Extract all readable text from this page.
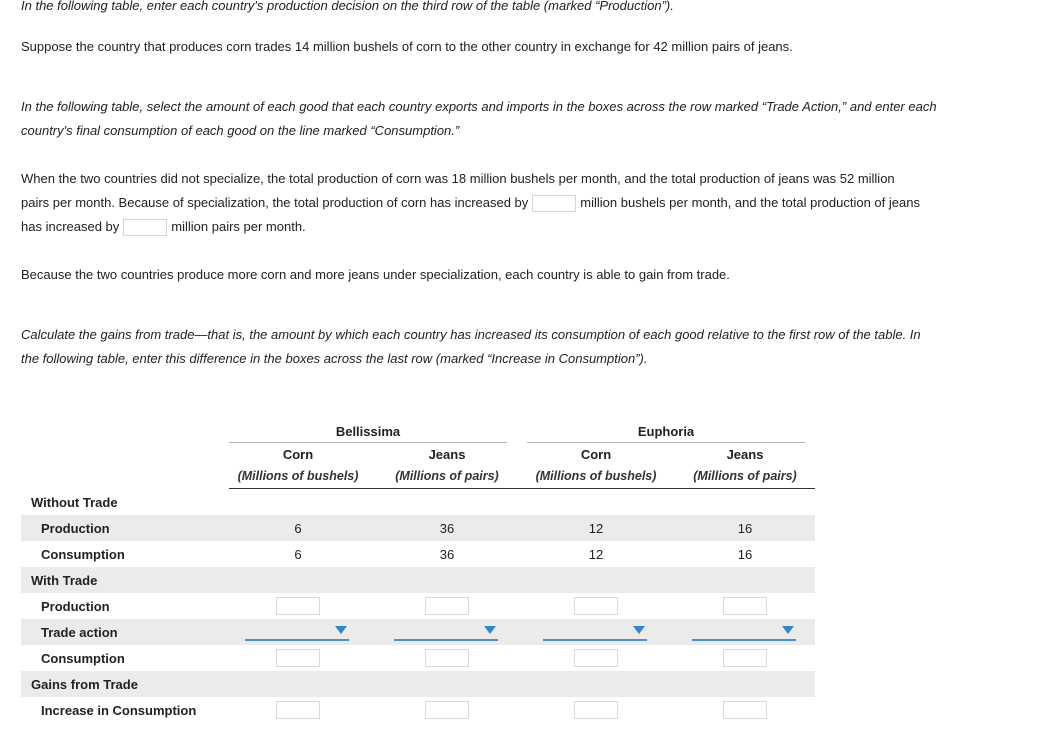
In the following table, enter each country's production decision on the third row of the table (marked “Production”).

Suppose the country that produces corn trades 14 million bushels of corn to the other country in exchange for 42 million pairs of jeans.

In the following table, select the amount of each good that each country exports and imports in the boxes across the row marked “Trade Action,” and enter each country's final consumption of each good on the line marked “Consumption.”

When the two countries did not specialize, the total production of corn was 18 million bushels per month, and the total production of jeans was 52 million pairs per month. Because of specialization, the total production of corn has increased by	million bushels per month, and the total production of jeans has increased by	million pairs per month.

Because the two countries produce more corn and more jeans under specialization, each country is able to gain from trade.

Calculate the gains from trade—that is, the amount by which each country has increased its consumption of each good relative to the first row of the table. In the following table, enter this difference in the boxes across the last row (marked “Increase in Consumption”).

Bellissima	Euphoria
Corn	Jeans	Corn	Jeans
(Millions of bushels)	(Millions of pairs)	(Millions of bushels)	(Millions of pairs)
Without Trade
Production	6	36	12	16
Consumption	6	36	12	16
With Trade
Production
Trade action
Consumption
Gains from Trade
Increase in Consumption
